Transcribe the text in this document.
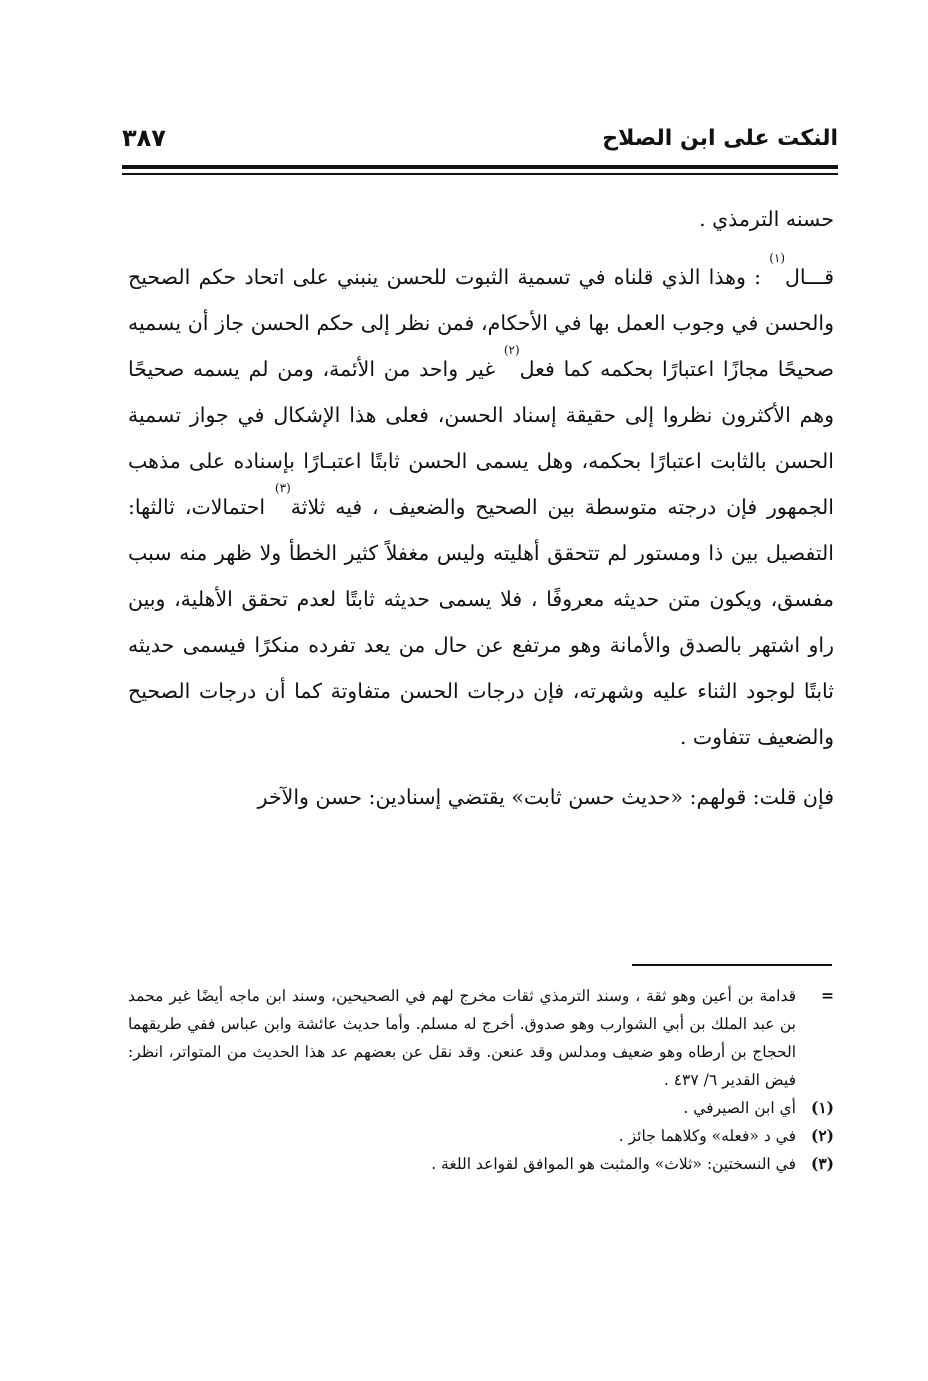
النكت على ابن الصلاح
٣٨٧

حسنه الترمذي .

قـــال$^{(١)}$ : وهذا الذي قلناه في تسمية الثبوت للحسن ينبني على اتحاد حكم الصحيح والحسن في وجوب العمل بها في الأحكام، فمن نظر إلى حكم الحسن جاز أن يسميه صحيحًا مجازًا اعتبارًا بحكمه كما فعل$^{(٢)}$ غير واحد من الأئمة، ومن لم يسمه صحيحًا وهم الأكثرون نظروا إلى حقيقة إسناد الحسن، فعلى هذا الإشكال في جواز تسمية الحسن بالثابت اعتبارًا بحكمه، وهل يسمى الحسن ثابتًا اعتبـارًا بإسناده على مذهب الجمهور فإن درجته متوسطة بين الصحيح والضعيف ، فيه ثلاثة$^{(٣)}$ احتمالات، ثالثها: التفصيل بين ذا ومستور لم تتحقق أهليته وليس مغفلاً كثير الخطأ ولا ظهر منه سبب مفسق، ويكون متن حديثه معروفًا ، فلا يسمى حديثه ثابتًا لعدم تحقق الأهلية، وبين راو اشتهر بالصدق والأمانة وهو مرتفع عن حال من يعد تفرده منكرًا فيسمى حديثه ثابتًا لوجود الثناء عليه وشهرته، فإن درجات الحسن متفاوتة كما أن درجات الصحيح والضعيف تتفاوت .

فإن قلت: قولهم: «حديث حسن ثابت» يقتضي إسنادين: حسن والآخر

=
قدامة بن أعين وهو ثقة ، وسند الترمذي ثقات مخرج لهم في الصحيحين، وسند ابن ماجه أيضًا غير محمد بن عبد الملك بن أبي الشوارب وهو صدوق. أخرج له مسلم. وأما حديث عائشة وابن عباس ففي طريقهما الحجاج بن أرطاه وهو ضعيف ومدلس وقد عنعن. وقد نقل عن بعضهم عد هذا الحديث من المتواتر، انظر: فيض القدير ٦/ ٤٣٧ .
(١)
أي ابن الصيرفي .
(٢)
في د «فعله» وكلاهما جائز .
(٣)
في النسختين: «ثلاث» والمثبت هو الموافق لقواعد اللغة .
